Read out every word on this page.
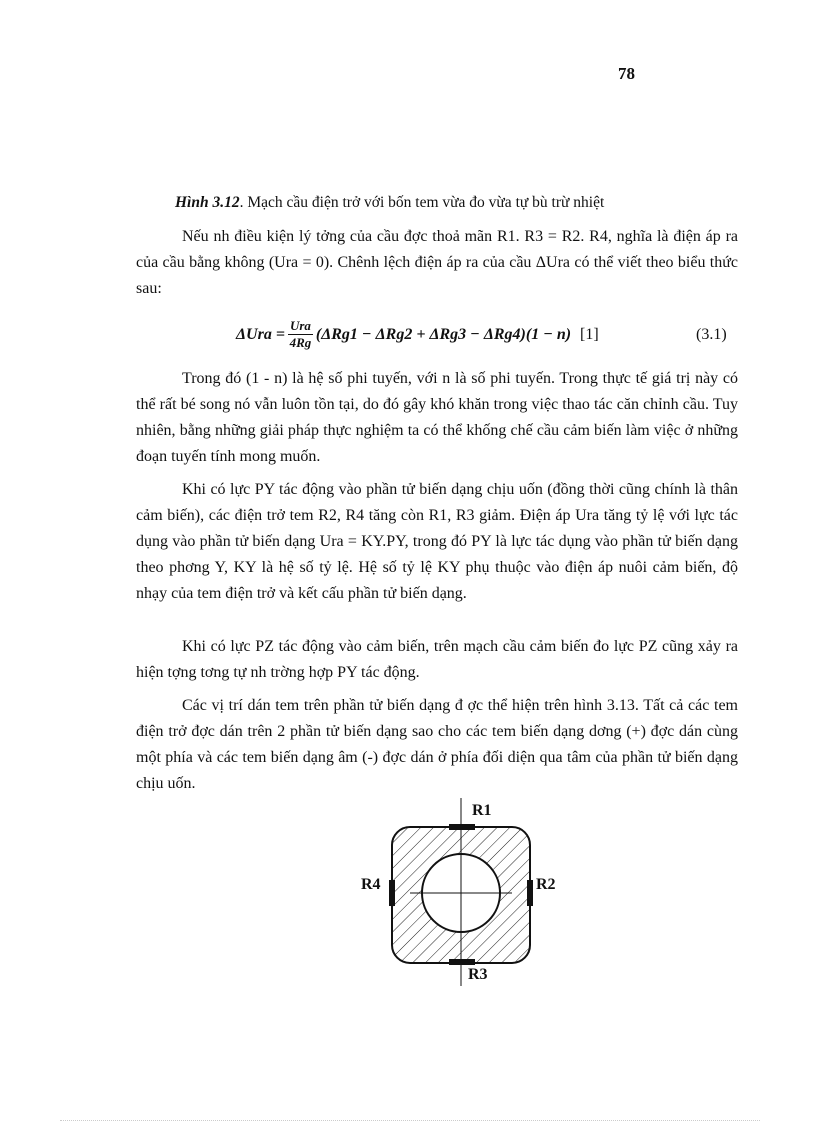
78
Hình 3.12. Mạch cầu điện trở với bốn tem vừa đo vừa tự bù trừ nhiệt

Nếu nh điều kiện lý tởng của cầu đợc thoả mãn R1. R3 = R2. R4, nghĩa là điện áp ra của cầu bằng không (Ura = 0). Chênh lệch điện áp ra của cầu ΔUra có thể viết theo biểu thức sau:

$\Delta Ura = \frac{\text{Ura}}{4Rg} (\Delta Rg1 - \Delta Rg2 + \Delta Rg3 - \Delta Rg4)(1 - n)$ [1]	(3.1)

Trong đó (1 - n) là hệ số phi tuyến, với n là số phi tuyến. Trong thực tế giá trị này có thể rất bé song nó vẫn luôn tồn tại, do đó gây khó khăn trong việc thao tác căn chỉnh cầu. Tuy nhiên, bằng những giải pháp thực nghiệm ta có thể khống chế cầu cảm biến làm việc ở những đoạn tuyến tính mong muốn.

Khi có lực PY tác động vào phần tử biến dạng chịu uốn (đồng thời cũng chính là thân cảm biến), các điện trở tem R2, R4 tăng còn R1, R3 giảm. Điện áp Ura tăng tỷ lệ với lực tác dụng vào phần tử biến dạng Ura = KY.PY, trong đó PY là lực tác dụng vào phần tử biến dạng theo phơng Y, KY là hệ số tỷ lệ. Hệ số tỷ lệ KY phụ thuộc vào điện áp nuôi cảm biến, độ nhạy của tem điện trở và kết cấu phần tử biến dạng.

Khi có lực PZ tác động vào cảm biến, trên mạch cầu cảm biến đo lực PZ cũng xảy ra hiện tợng tơng tự nh trờng hợp PY tác động.

Các vị trí dán tem trên phần tử biến dạng đ ợc thể hiện trên hình 3.13. Tất cả các tem điện trở đợc dán trên 2 phần tử biến dạng sao cho các tem biến dạng dơng (+) đợc dán cùng một phía và các tem biến dạng âm (-) đợc dán ở phía đối diện qua tâm của phần tử biến dạng chịu uốn.

R1
R4	R2
R3
